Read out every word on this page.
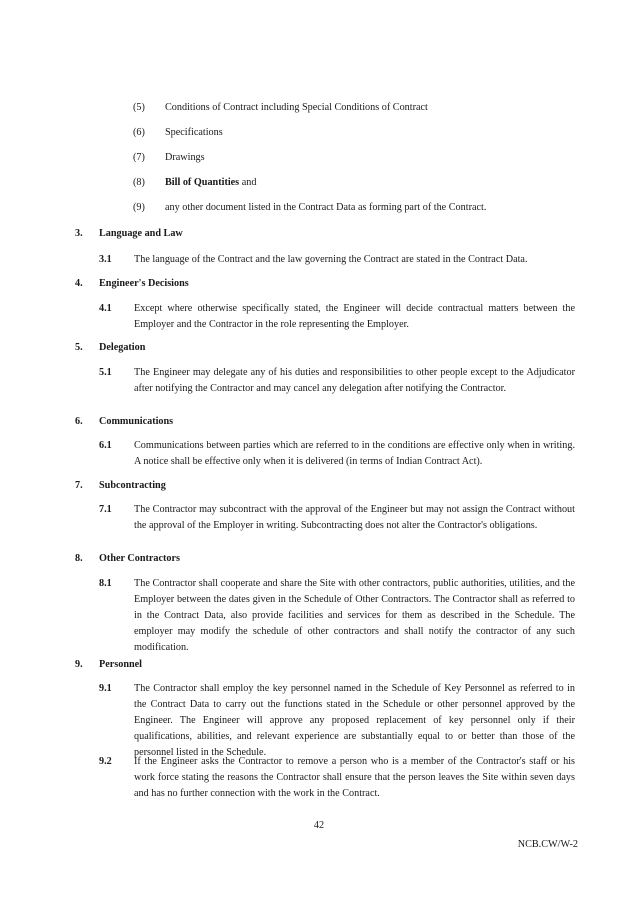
(5) Conditions of Contract including Special Conditions of Contract
(6) Specifications
(7) Drawings
(8) Bill of Quantities and
(9) any other document listed in the Contract Data as forming part of the Contract.
3. Language and Law
3.1 The language of the Contract and the law governing the Contract are stated in the Contract Data.
4. Engineer's Decisions
4.1 Except where otherwise specifically stated, the Engineer will decide contractual matters between the Employer and the Contractor in the role representing the Employer.
5. Delegation
5.1 The Engineer may delegate any of his duties and responsibilities to other people except to the Adjudicator after notifying the Contractor and may cancel any delegation after notifying the Contractor.
6. Communications
6.1 Communications between parties which are referred to in the conditions are effective only when in writing. A notice shall be effective only when it is delivered (in terms of Indian Contract Act).
7. Subcontracting
7.1 The Contractor may subcontract with the approval of the Engineer but may not assign the Contract without the approval of the Employer in writing. Subcontracting does not alter the Contractor's obligations.
8. Other Contractors
8.1 The Contractor shall cooperate and share the Site with other contractors, public authorities, utilities, and the Employer between the dates given in the Schedule of Other Contractors. The Contractor shall as referred to in the Contract Data, also provide facilities and services for them as described in the Schedule. The employer may modify the schedule of other contractors and shall notify the contractor of any such modification.
9. Personnel
9.1 The Contractor shall employ the key personnel named in the Schedule of Key Personnel as referred to in the Contract Data to carry out the functions stated in the Schedule or other personnel approved by the Engineer. The Engineer will approve any proposed replacement of key personnel only if their qualifications, abilities, and relevant experience are substantially equal to or better than those of the personnel listed in the Schedule.
9.2 If the Engineer asks the Contractor to remove a person who is a member of the Contractor's staff or his work force stating the reasons the Contractor shall ensure that the person leaves the Site within seven days and has no further connection with the work in the Contract.
42
NCB.CW/W-2
